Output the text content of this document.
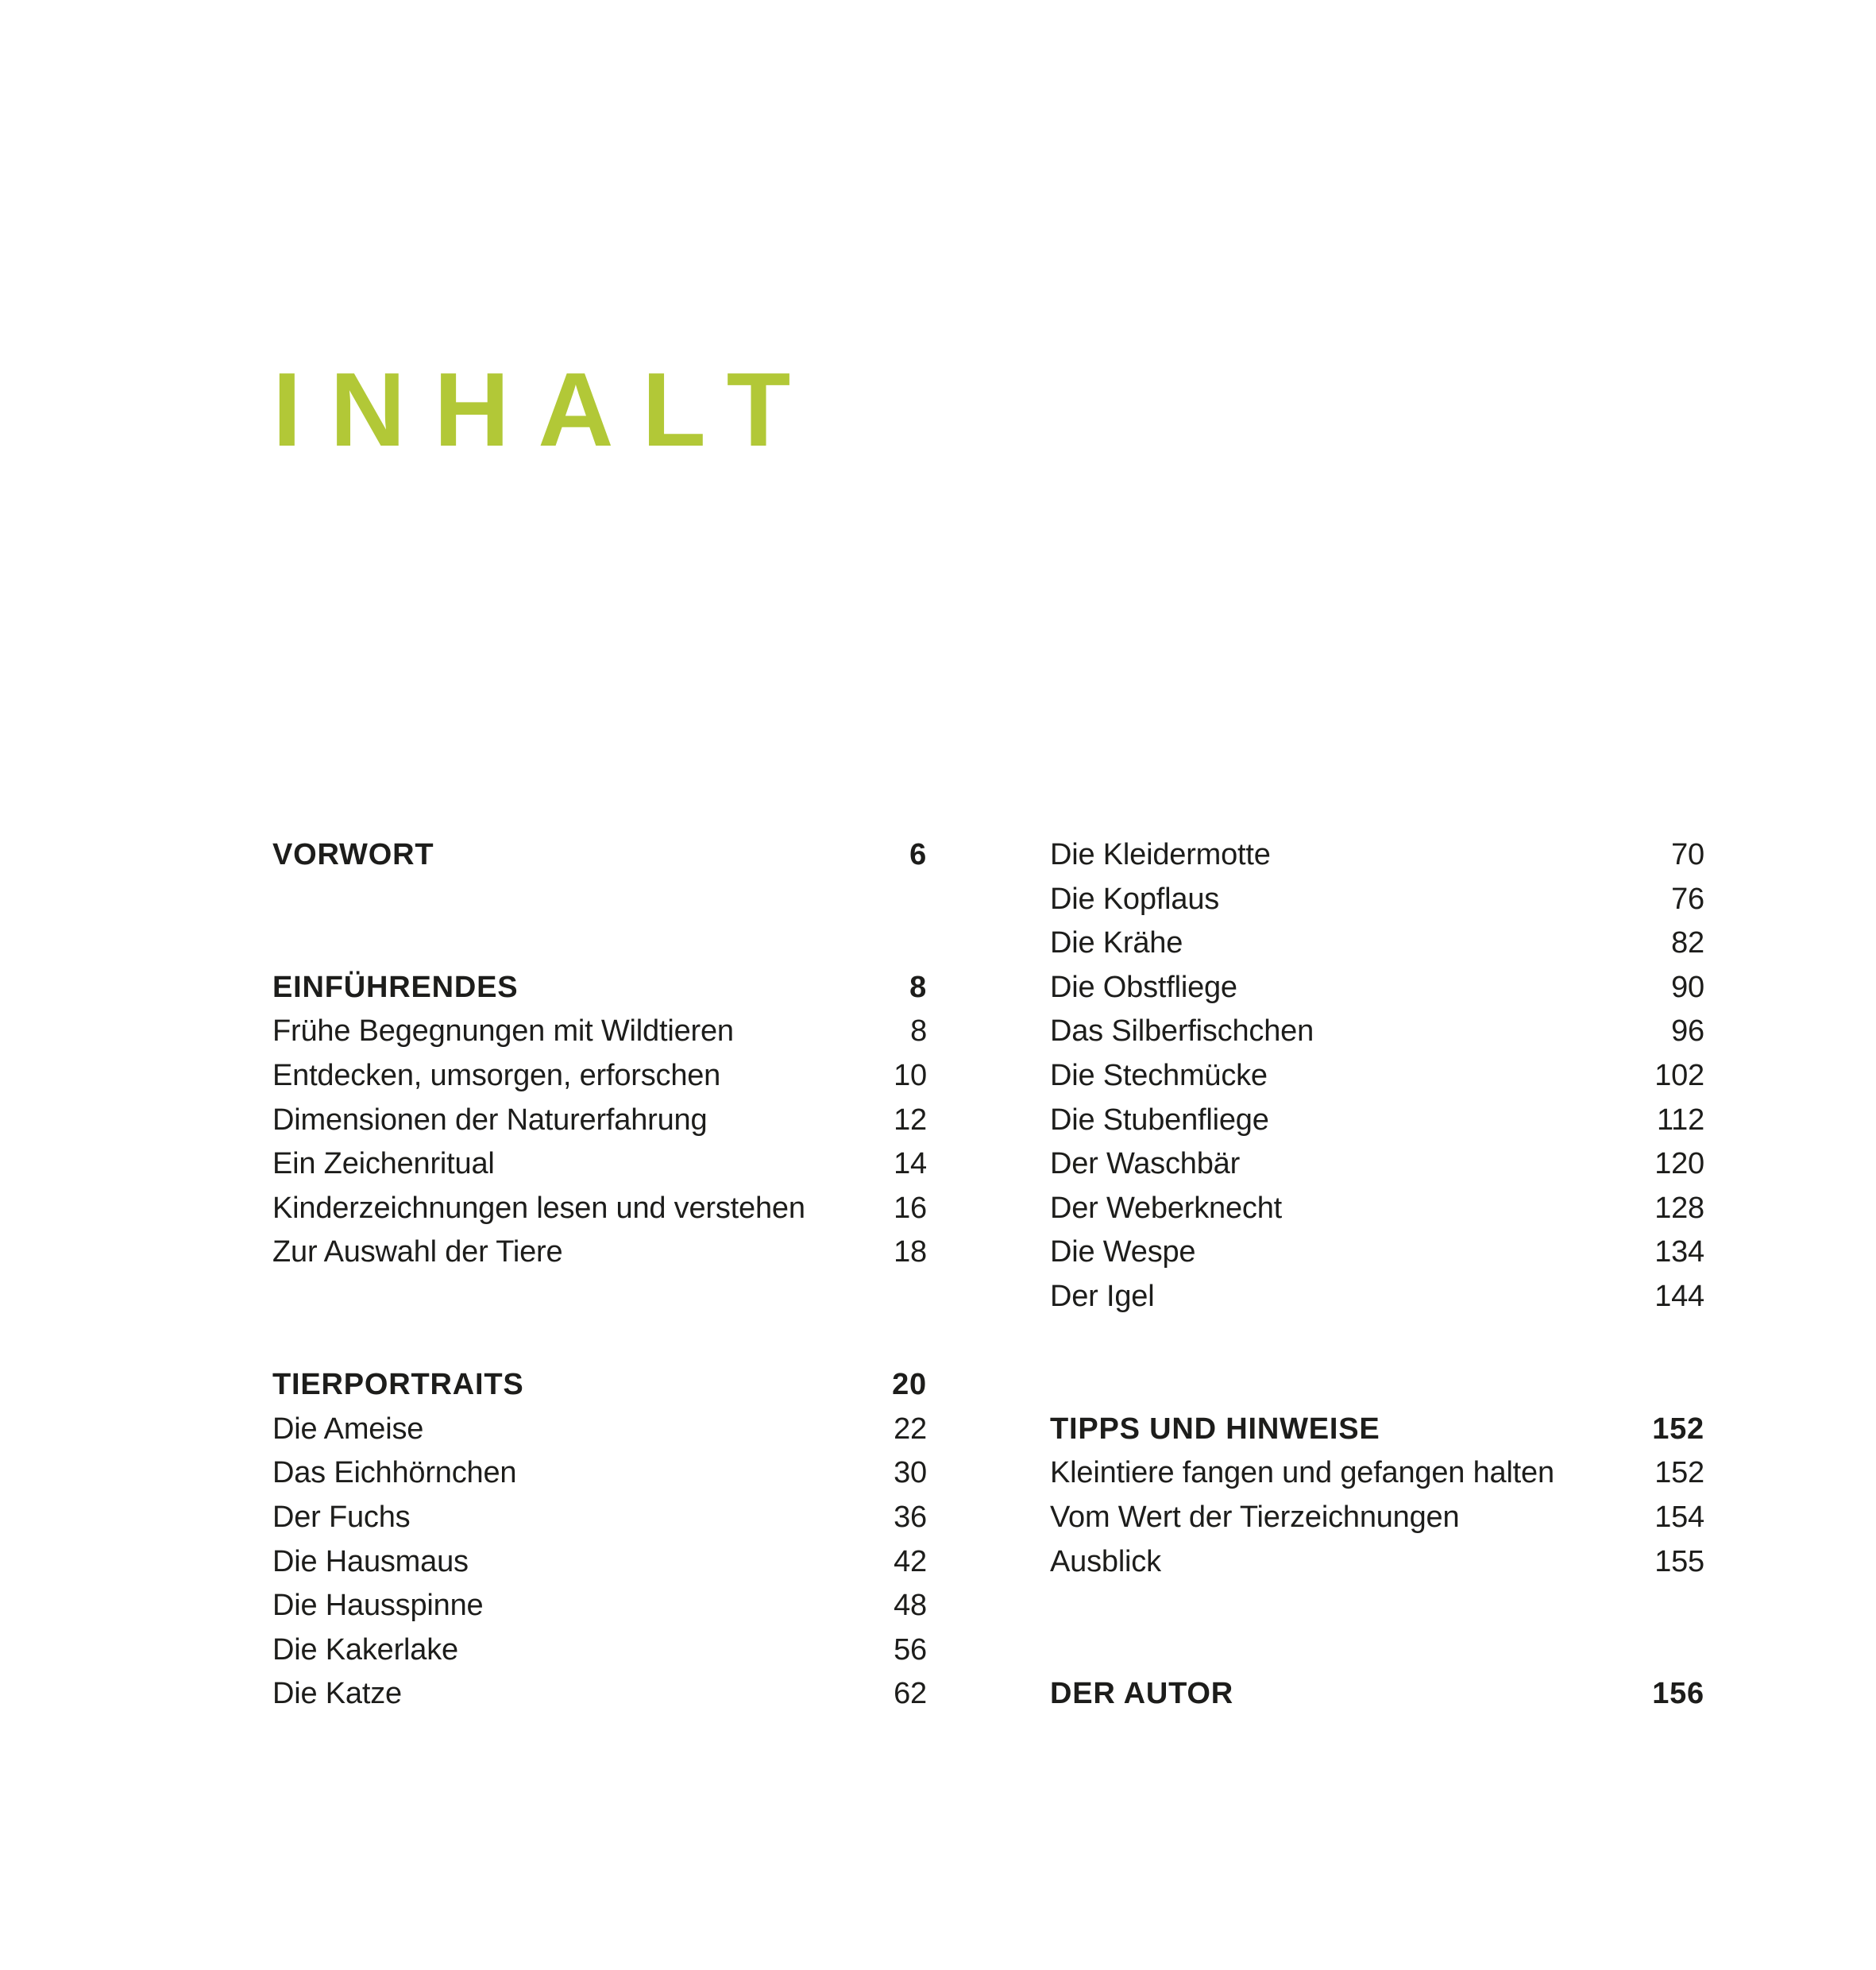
INHALT
VORWORT	6
EINFÜHRENDES	8
Frühe Begegnungen mit Wildtieren	8
Entdecken, umsorgen, erforschen	10
Dimensionen der Naturerfahrung	12
Ein Zeichenritual	14
Kinderzeichnungen lesen und verstehen	16
Zur Auswahl der Tiere	18
TIERPORTRAITS	20
Die Ameise	22
Das Eichhörnchen	30
Der Fuchs	36
Die Hausmaus	42
Die Hausspinne	48
Die Kakerlake	56
Die Katze	62
Die Kleidermotte	70
Die Kopflaus	76
Die Krähe	82
Die Obstfliege	90
Das Silberfischchen	96
Die Stechmücke	102
Die Stubenfliege	112
Der Waschbär	120
Der Weberknecht	128
Die Wespe	134
Der Igel	144
TIPPS UND HINWEISE	152
Kleintiere fangen und gefangen halten	152
Vom Wert der Tierzeichnungen	154
Ausblick	155
DER AUTOR	156
